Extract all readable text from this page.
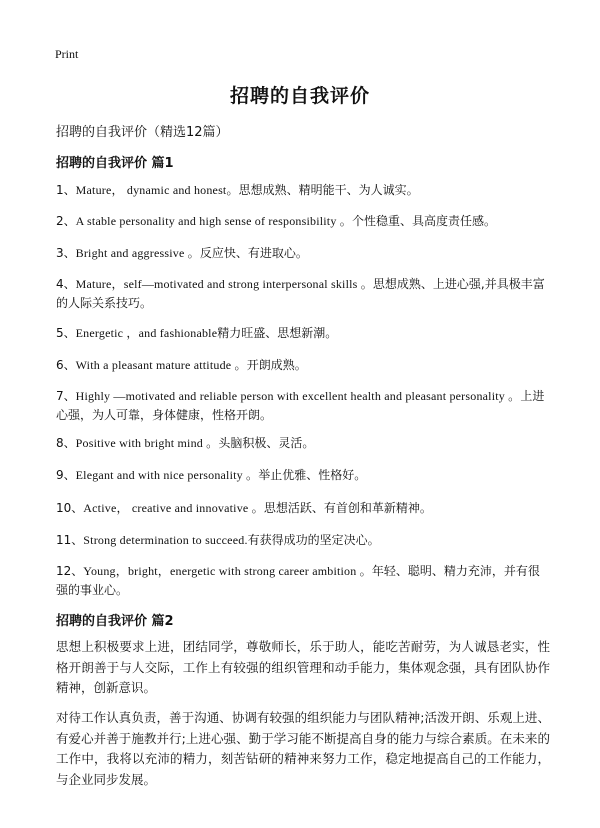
Print
招聘的自我评价
招聘的自我评价（精选12篇）
招聘的自我评价 篇1
1、Mature， dynamic and honest。思想成熟、精明能干、为人诚实。
2、A stable personality and high sense of responsibility 。个性稳重、具高度责任感。
3、Bright and aggressive 。反应快、有进取心。
4、Mature，self—motivated and strong interpersonal skills 。思想成熟、上进心强,并具极丰富的人际关系技巧。
5、Energetic ，and fashionable精力旺盛、思想新潮。
6、With a pleasant mature attitude 。开朗成熟。
7、Highly —motivated and reliable person with excellent health and pleasant personality 。上进心强，为人可靠，身体健康，性格开朗。
8、Positive with bright mind 。头脑积极、灵活。
9、Elegant and with nice personality 。举止优雅、性格好。
10、Active， creative and innovative 。思想活跃、有首创和革新精神。
11、Strong determination to succeed.有获得成功的坚定决心。
12、Young，bright，energetic with strong career ambition 。年轻、聪明、精力充沛，并有很强的事业心。
招聘的自我评价 篇2

思想上积极要求上进，团结同学，尊敬师长，乐于助人，能吃苦耐劳，为人诚恳老实，性格开朗善于与人交际，工作上有较强的组织管理和动手能力，集体观念强，具有团队协作精神，创新意识。

对待工作认真负责，善于沟通、协调有较强的组织能力与团队精神;活泼开朗、乐观上进、有爱心并善于施教并行;上进心强、勤于学习能不断提高自身的能力与综合素质。在未来的工作中，我将以充沛的精力，刻苦钻研的精神来努力工作，稳定地提高自己的工作能力，与企业同步发展。
